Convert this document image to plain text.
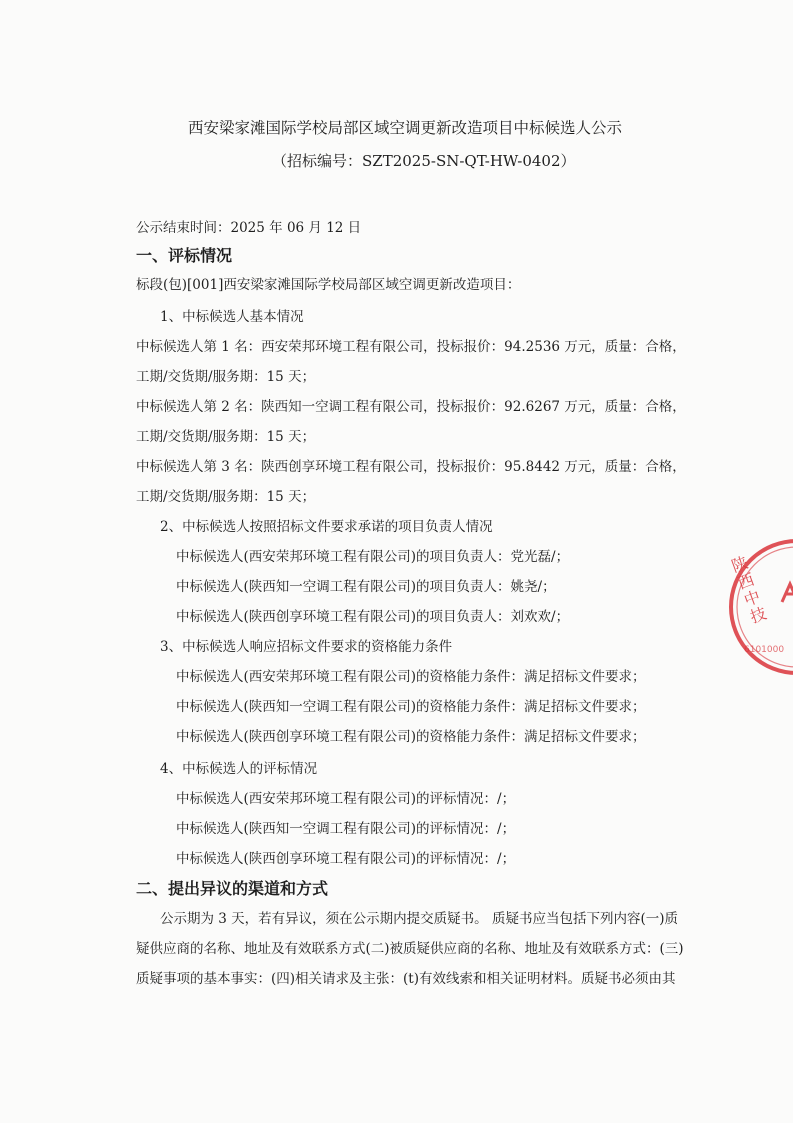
西安梁家滩国际学校局部区域空调更新改造项目中标候选人公示
（招标编号：SZT2025-SN-QT-HW-0402）
公示结束时间：2025 年 06 月 12 日
一、评标情况
标段(包)[001]西安梁家滩国际学校局部区域空调更新改造项目：
1、中标候选人基本情况
中标候选人第 1 名：西安荣邦环境工程有限公司，投标报价：94.2536 万元，质量：合格，
工期/交货期/服务期：15 天；
中标候选人第 2 名：陕西知一空调工程有限公司，投标报价：92.6267 万元，质量：合格，
工期/交货期/服务期：15 天；
中标候选人第 3 名：陕西创享环境工程有限公司，投标报价：95.8442 万元，质量：合格，
工期/交货期/服务期：15 天；
2、中标候选人按照招标文件要求承诺的项目负责人情况
中标候选人(西安荣邦环境工程有限公司)的项目负责人：党光磊/；
中标候选人(陕西知一空调工程有限公司)的项目负责人：姚尧/；
中标候选人(陕西创享环境工程有限公司)的项目负责人：刘欢欢/；
3、中标候选人响应招标文件要求的资格能力条件
中标候选人(西安荣邦环境工程有限公司)的资格能力条件：满足招标文件要求；
中标候选人(陕西知一空调工程有限公司)的资格能力条件：满足招标文件要求；
中标候选人(陕西创享环境工程有限公司)的资格能力条件：满足招标文件要求；
4、中标候选人的评标情况
中标候选人(西安荣邦环境工程有限公司)的评标情况：/；
中标候选人(陕西知一空调工程有限公司)的评标情况：/；
中标候选人(陕西创享环境工程有限公司)的评标情况：/；
二、提出异议的渠道和方式
公示期为 3 天，若有异议，须在公示期内提交质疑书。 质疑书应当包括下列内容(一)质
疑供应商的名称、地址及有效联系方式(二)被质疑供应商的名称、地址及有效联系方式：(三)
质疑事项的基本事实：(四)相关请求及主张：(t)有效线索和相关证明材料。质疑书必须由其
6101000
陕西中技
